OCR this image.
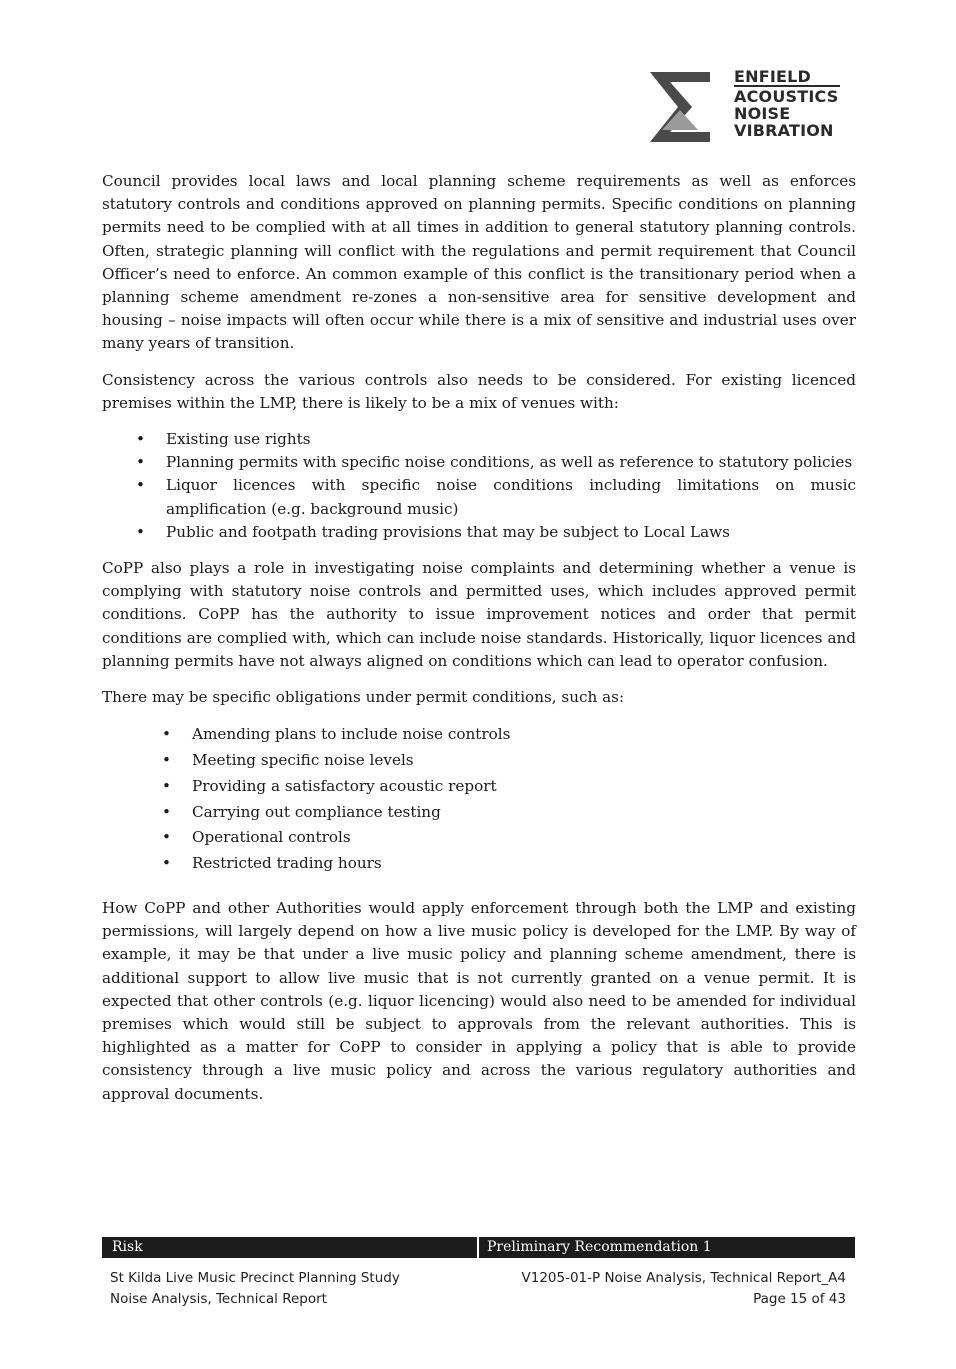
ENFIELD
ACOUSTICS
NOISE
VIBRATION

Council provides local laws and local planning scheme requirements as well as enforces statutory controls and conditions approved on planning permits. Specific conditions on planning permits need to be complied with at all times in addition to general statutory planning controls. Often, strategic planning will conflict with the regulations and permit requirement that Council Officer’s need to enforce. An common example of this conflict is the transitionary period when a planning scheme amendment re-zones a non-sensitive area for sensitive development and housing – noise impacts will often occur while there is a mix of sensitive and industrial uses over many years of transition.

Consistency across the various controls also needs to be considered. For existing licenced premises within the LMP, there is likely to be a mix of venues with:

• Existing use rights
• Planning permits with specific noise conditions, as well as reference to statutory policies
• Liquor licences with specific noise conditions including limitations on music amplification (e.g. background music)
• Public and footpath trading provisions that may be subject to Local Laws

CoPP also plays a role in investigating noise complaints and determining whether a venue is complying with statutory noise controls and permitted uses, which includes approved permit conditions. CoPP has the authority to issue improvement notices and order that permit conditions are complied with, which can include noise standards. Historically, liquor licences and planning permits have not always aligned on conditions which can lead to operator confusion.

There may be specific obligations under permit conditions, such as:

• Amending plans to include noise controls
• Meeting specific noise levels
• Providing a satisfactory acoustic report
• Carrying out compliance testing
• Operational controls
• Restricted trading hours

How CoPP and other Authorities would apply enforcement through both the LMP and existing permissions, will largely depend on how a live music policy is developed for the LMP. By way of example, it may be that under a live music policy and planning scheme amendment, there is additional support to allow live music that is not currently granted on a venue permit. It is expected that other controls (e.g. liquor licencing) would also need to be amended for individual premises which would still be subject to approvals from the relevant authorities. This is highlighted as a matter for CoPP to consider in applying a policy that is able to provide consistency through a live music policy and across the various regulatory authorities and approval documents.

Risk	Preliminary Recommendation 1
St Kilda Live Music Precinct Planning Study
Noise Analysis, Technical Report
V1205-01-P Noise Analysis, Technical Report_A4
Page 15 of 43
